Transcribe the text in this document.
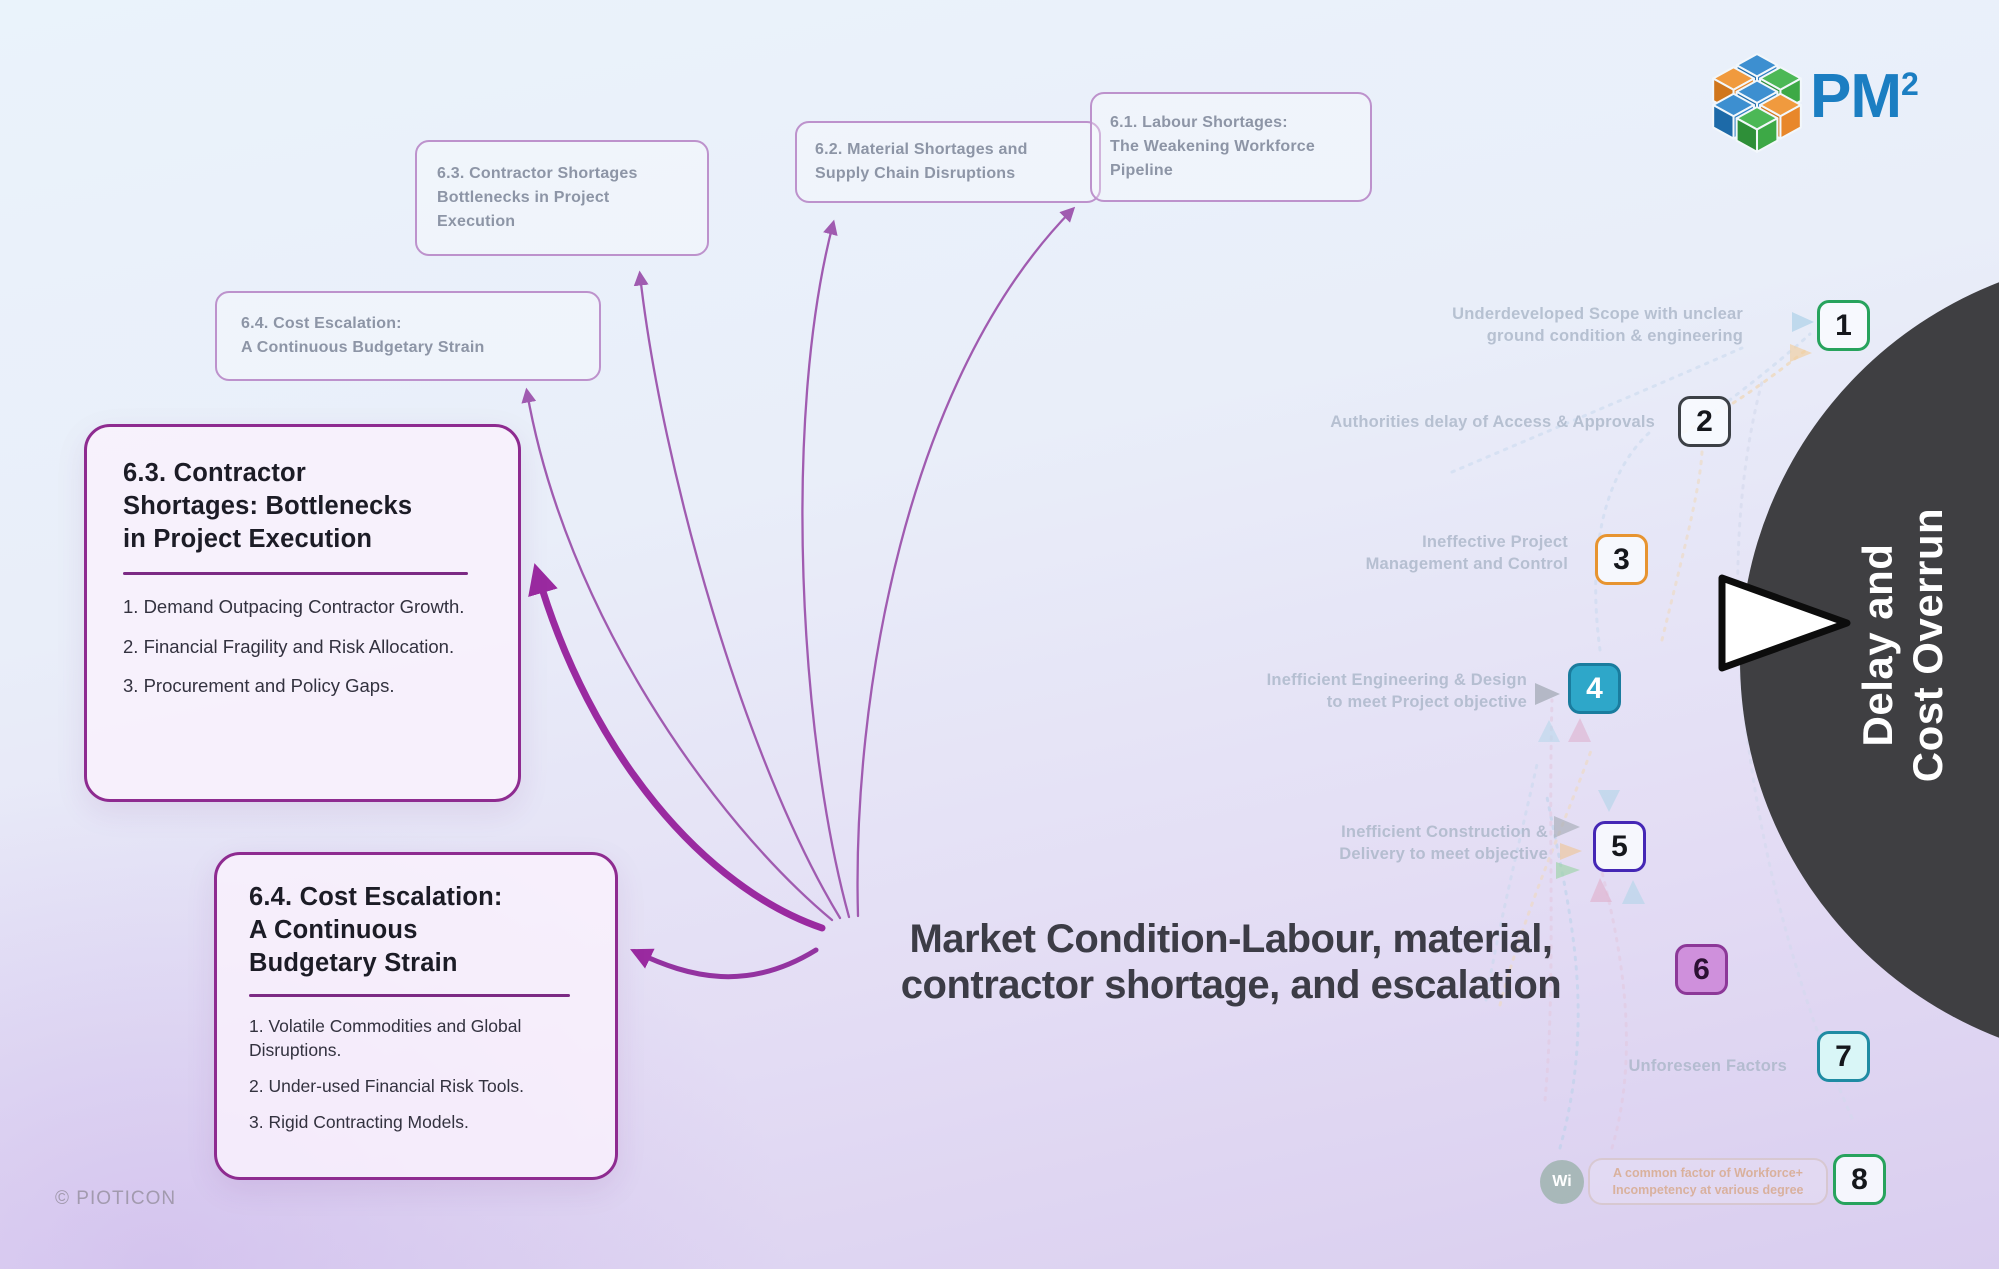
Delay and Cost Overrun
Underdeveloped Scope with unclear
ground condition & engineering
Authorities delay of Access & Approvals
Ineffective Project
Management and Control
Inefficient Engineering & Design
to meet Project objective
Inefficient Construction &
Delivery to meet objective
Unforeseen Factors
Wi
A common factor of Workforce+
Incompetency at various degree
6.3. Contractor Shortages
Bottlenecks in Project
Execution
6.2. Material Shortages and
Supply Chain Disruptions
6.1. Labour Shortages:
The Weakening Workforce
Pipeline
6.4. Cost Escalation:
A Continuous Budgetary Strain
6.3. Contractor
Shortages: Bottlenecks
in Project Execution
1. Demand Outpacing Contractor Growth.
2. Financial Fragility and Risk Allocation.
3. Procurement and Policy Gaps.
6.4. Cost Escalation:
A Continuous
Budgetary Strain
1. Volatile Commodities and Global Disruptions.
2. Under-used Financial Risk Tools.
3. Rigid Contracting Models.
Market Condition-Labour, material,
contractor shortage, and escalation
1
2
3
4
5
6
7
8
$PM^2$
© PIOTICON
